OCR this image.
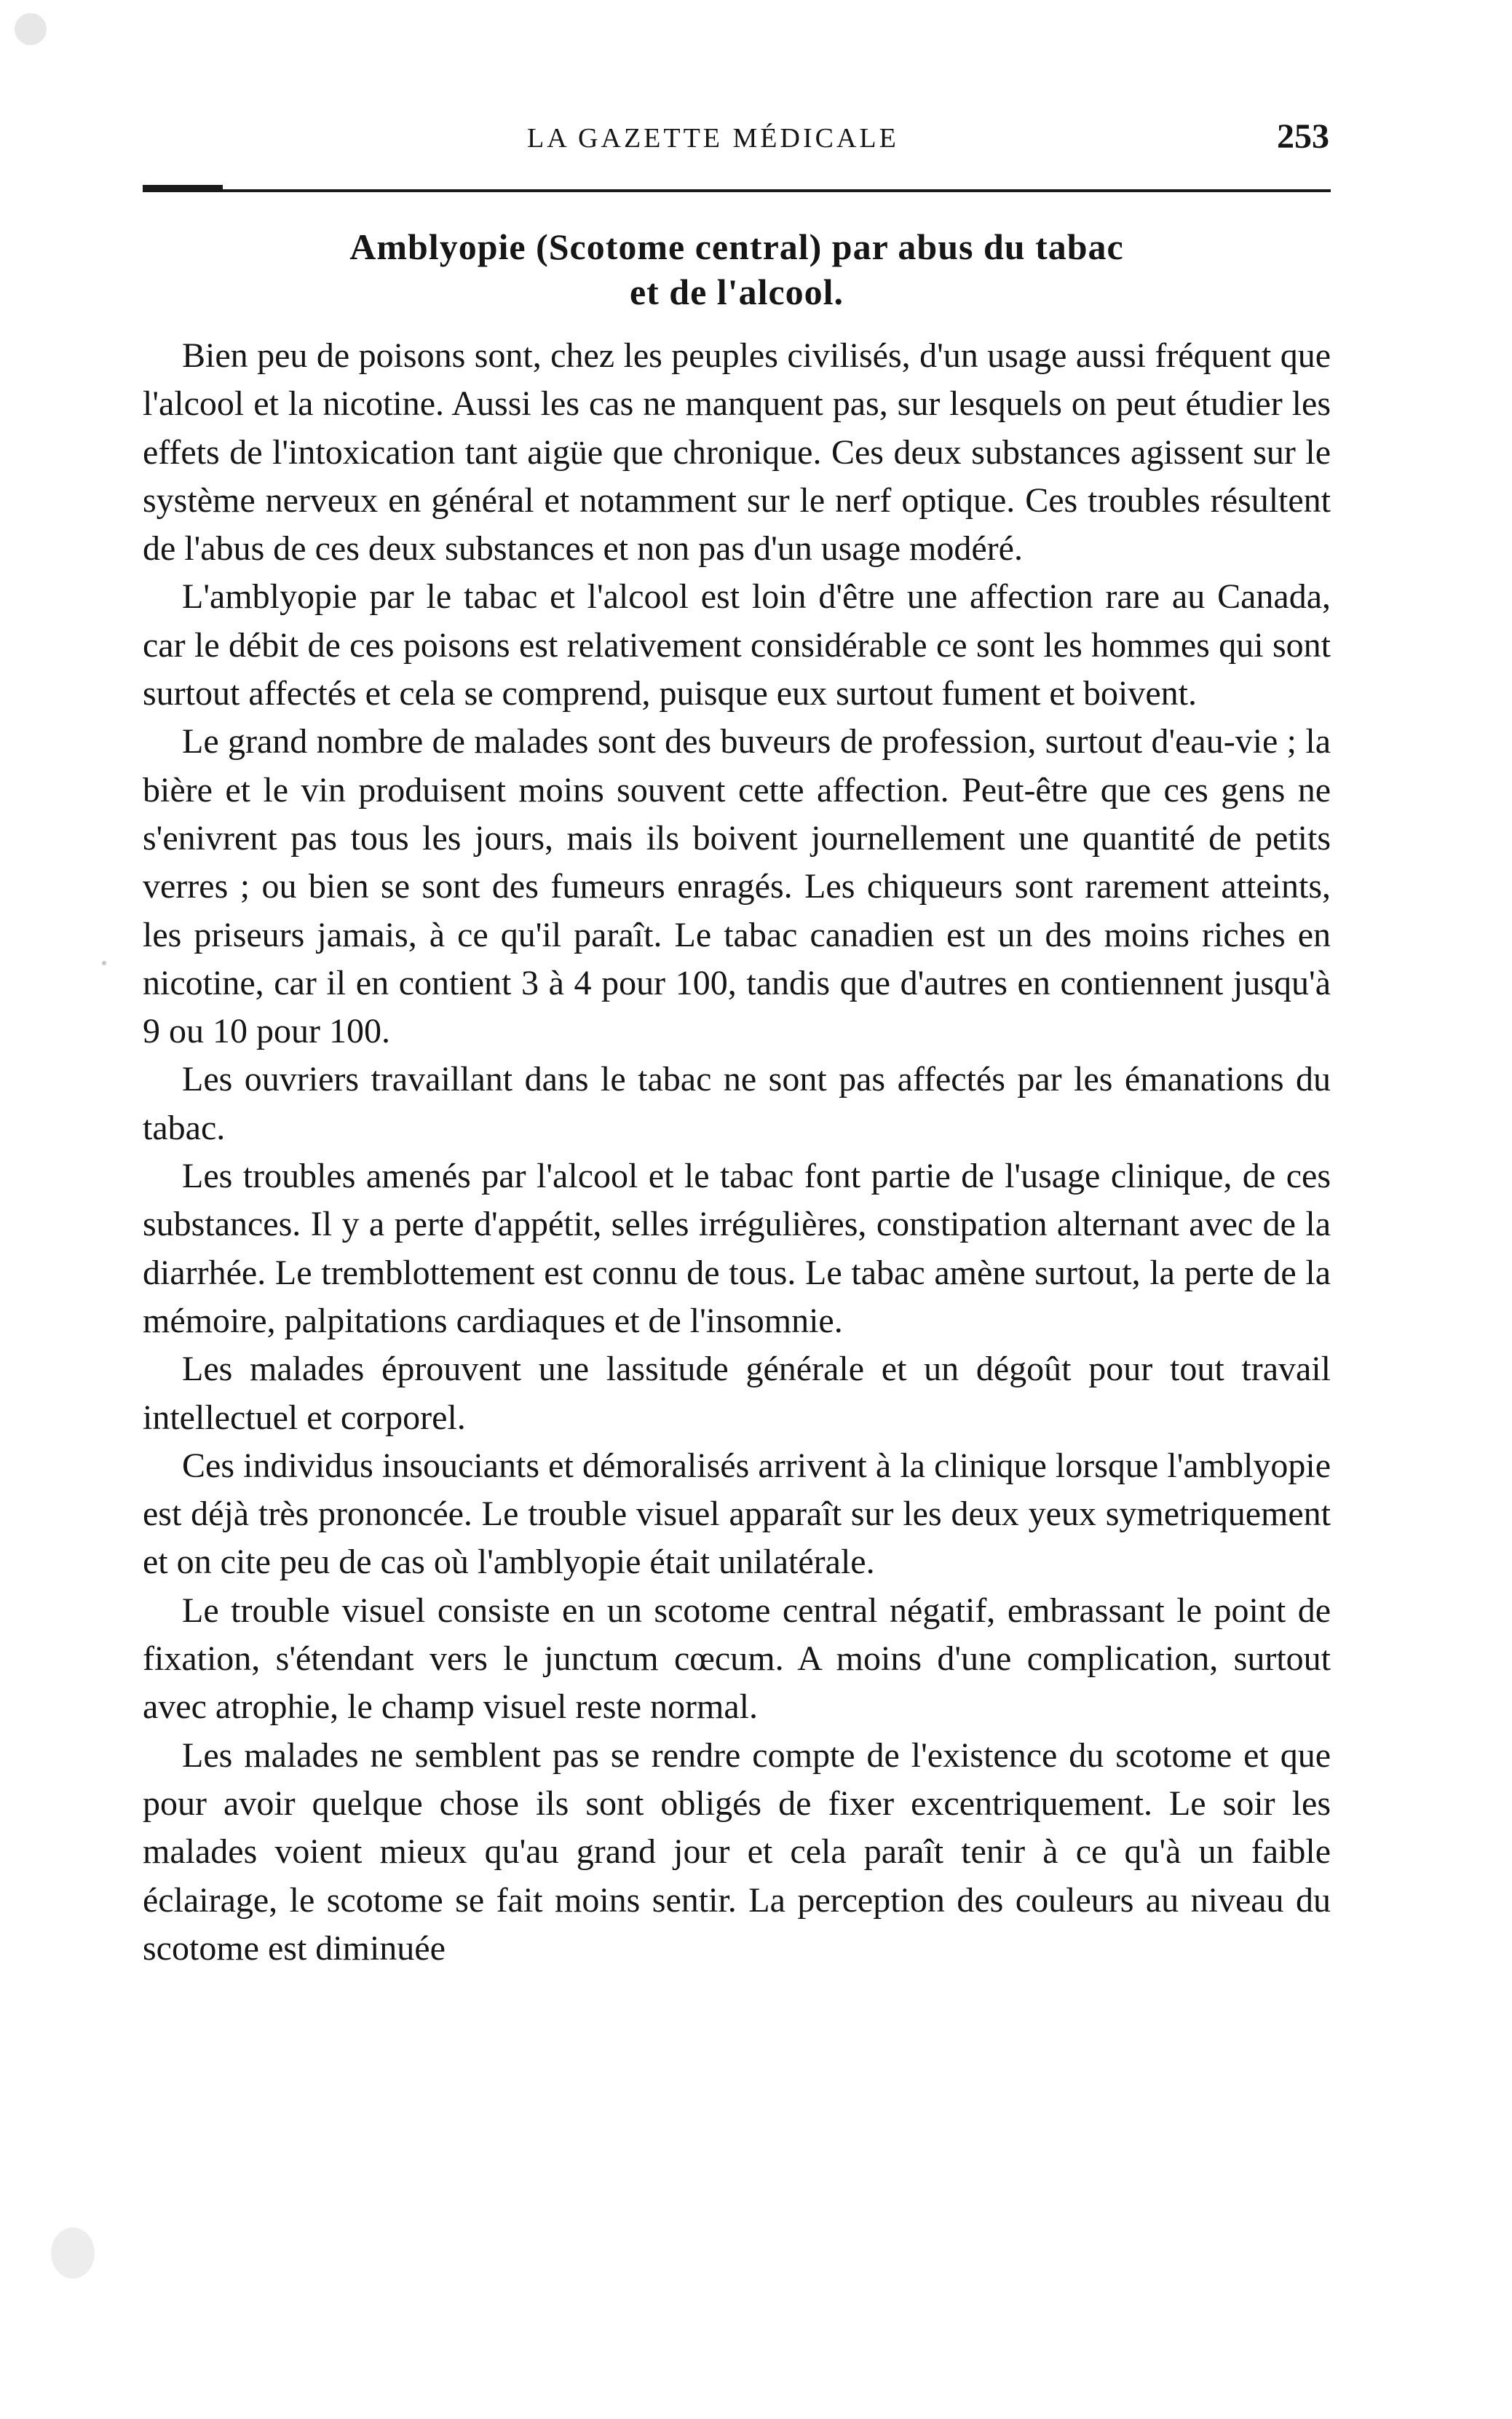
LA GAZETTE MÉDICALE	253
Amblyopie (Scotome central) par abus du tabac
et de l'alcool.

Bien peu de poisons sont, chez les peuples civilisés, d'un usage aussi fréquent que l'alcool et la nicotine. Aussi les cas ne manquent pas, sur lesquels on peut étudier les effets de l'intoxication tant aigüe que chronique. Ces deux substances agissent sur le système nerveux en général et notamment sur le nerf optique. Ces troubles résultent de l'abus de ces deux substances et non pas d'un usage modéré.

L'amblyopie par le tabac et l'alcool est loin d'être une affection rare au Canada, car le débit de ces poisons est relativement considérable ce sont les hommes qui sont surtout affectés et cela se comprend, puisque eux surtout fument et boivent.

Le grand nombre de malades sont des buveurs de profession, surtout d'eau-vie ; la bière et le vin produisent moins souvent cette affection. Peut-être que ces gens ne s'enivrent pas tous les jours, mais ils boivent journellement une quantité de petits verres ; ou bien se sont des fumeurs enragés. Les chiqueurs sont rarement atteints, les priseurs jamais, à ce qu'il paraît. Le tabac canadien est un des moins riches en nicotine, car il en contient 3 à 4 pour 100, tandis que d'autres en contiennent jusqu'à 9 ou 10 pour 100.

Les ouvriers travaillant dans le tabac ne sont pas affectés par les émanations du tabac.

Les troubles amenés par l'alcool et le tabac font partie de l'usage clinique, de ces substances. Il y a perte d'appétit, selles irrégulières, constipation alternant avec de la diarrhée. Le tremblottement est connu de tous. Le tabac amène surtout, la perte de la mémoire, palpitations cardiaques et de l'insomnie.

Les malades éprouvent une lassitude générale et un dégoût pour tout travail intellectuel et corporel.

Ces individus insouciants et démoralisés arrivent à la clinique lorsque l'amblyopie est déjà très prononcée. Le trouble visuel apparaît sur les deux yeux symetriquement et on cite peu de cas où l'amblyopie était unilatérale.

Le trouble visuel consiste en un scotome central négatif, embrassant le point de fixation, s'étendant vers le junctum cœcum. A moins d'une complication, surtout avec atrophie, le champ visuel reste normal.

Les malades ne semblent pas se rendre compte de l'existence du scotome et que pour avoir quelque chose ils sont obligés de fixer excentriquement. Le soir les malades voient mieux qu'au grand jour et cela paraît tenir à ce qu'à un faible éclairage, le scotome se fait moins sentir. La perception des couleurs au niveau du scotome est diminuée
